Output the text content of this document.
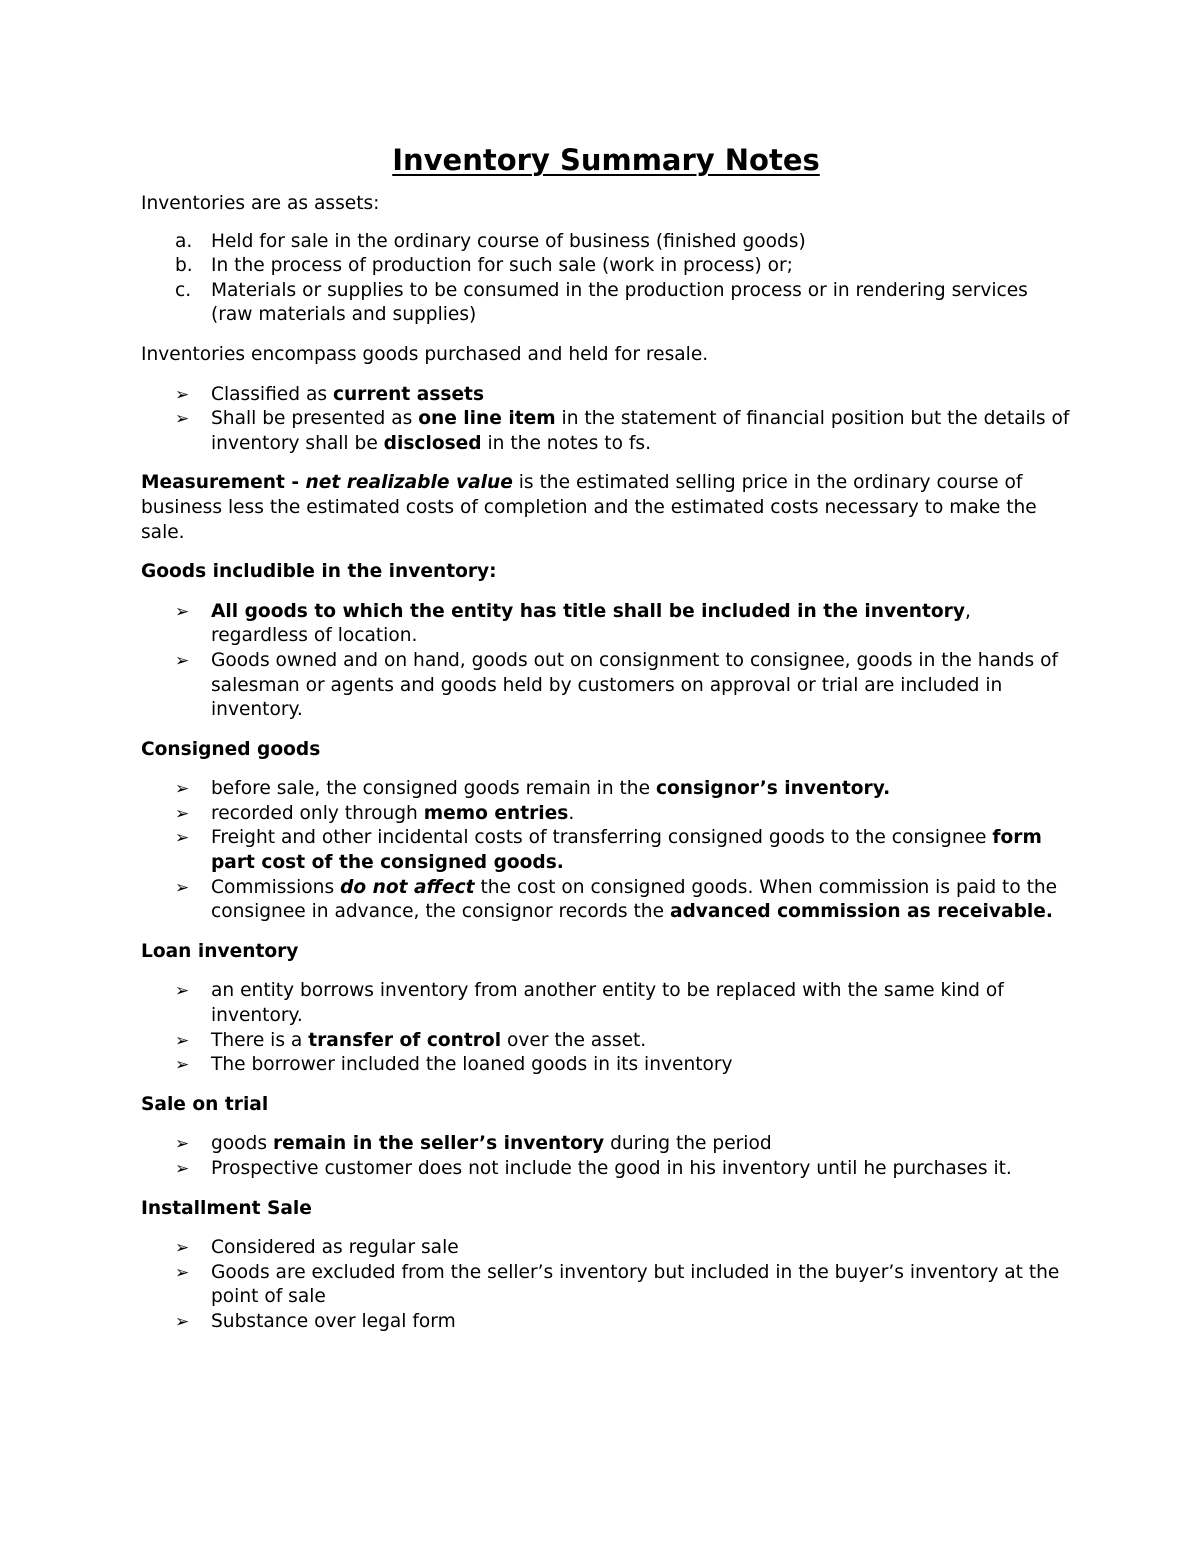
Inventory Summary Notes

Inventories are as assets:

a. Held for sale in the ordinary course of business (finished goods)
b. In the process of production for such sale (work in process) or;
c. Materials or supplies to be consumed in the production process or in rendering services (raw materials and supplies)

Inventories encompass goods purchased and held for resale.

➢ Classified as current assets
➢ Shall be presented as one line item in the statement of financial position but the details of inventory shall be disclosed in the notes to fs.

Measurement - net realizable value is the estimated selling price in the ordinary course of business less the estimated costs of completion and the estimated costs necessary to make the sale.

Goods includible in the inventory:

➢ All goods to which the entity has title shall be included in the inventory, regardless of location.
➢ Goods owned and on hand, goods out on consignment to consignee, goods in the hands of salesman or agents and goods held by customers on approval or trial are included in inventory.

Consigned goods

➢ before sale, the consigned goods remain in the consignor’s inventory.
➢ recorded only through memo entries.
➢ Freight and other incidental costs of transferring consigned goods to the consignee form part cost of the consigned goods.
➢ Commissions do not affect the cost on consigned goods. When commission is paid to the consignee in advance, the consignor records the advanced commission as receivable.

Loan inventory

➢ an entity borrows inventory from another entity to be replaced with the same kind of inventory.
➢ There is a transfer of control over the asset.
➢ The borrower included the loaned goods in its inventory

Sale on trial

➢ goods remain in the seller’s inventory during the period
➢ Prospective customer does not include the good in his inventory until he purchases it.

Installment Sale

➢ Considered as regular sale
➢ Goods are excluded from the seller’s inventory but included in the buyer’s inventory at the point of sale
➢ Substance over legal form
